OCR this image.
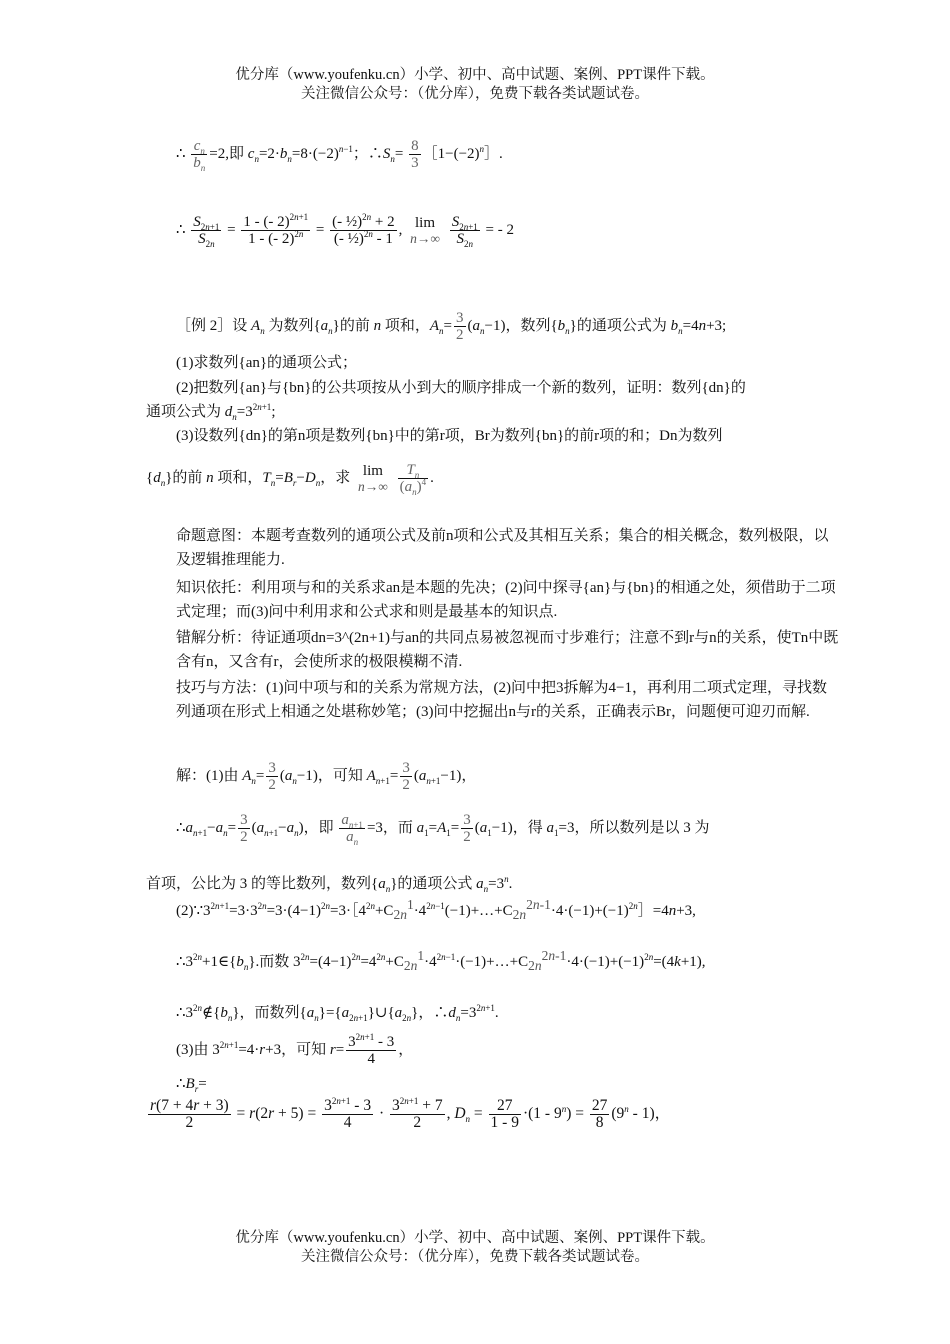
优分库（www.youfenku.cn）小学、初中、高中试题、案例、PPT课件下载。
关注微信公众号：（优分库），免费下载各类试题试卷。
∴ $\frac{c_n}{b_n} =2$,即 $c_n=2\cdot b_n=8\cdot(-2)^{n-1}$；$\therefore S_n= \frac{8}{3}$ $[1-(-2)^n]$.
∴ $\frac{S_{2n+1}}{S_{2n}} = \frac{1 - (- 2)^{2n+1}}{1 - (- 2)^{2n}} = \frac{(- \frac{1}{2})^{2n} + 2}{(- \frac{1}{2})^{2n} - 1}$ , lim
n→∞
$\frac{S_{2n+1}}{S_{2n}}$ = - 2
［例 2］设 $A_n$ 为数列$\{a_n\}$的前 n 项和，$A_n= \frac{3}{2} (a_n-1)$，数列$\{b_n\}$的通项公式为 $b_n=4n+3$;
(1)求数列{an}的通项公式；
(2)把数列{an}与{bn}的公共项按从小到大的顺序排成一个新的数列，证明：数列{dn}的
通项公式为 $d_n=3^{2n+1}$;
(3)设数列{dn}的第n项是数列{bn}中的第r项，Br为数列{bn}的前r项的和；Dn为数列
$\{d_n\}$的前 n 项和，$T_n=B_r-D_n$，求 lim
n→∞
$\frac{T_n}{(a_n)^4}$ .
命题意图：本题考查数列的通项公式及前n项和公式及其相互关系；集合的相关概念，数列极限，以及逻辑推理能力.
知识依托：利用项与和的关系求an是本题的先决；(2)问中探寻{an}与{bn}的相通之处，须借助于二项式定理；而(3)问中利用求和公式求和则是最基本的知识点.
错解分析：待证通项dn=3^(2n+1)与an的共同点易被忽视而寸步难行；注意不到r与n的关系，使Tn中既含有n，又含有r，会使所求的极限模糊不清.
技巧与方法：(1)问中项与和的关系为常规方法，(2)问中把3拆解为4−1，再利用二项式定理，寻找数列通项在形式上相通之处堪称妙笔；(3)问中挖掘出n与r的关系，正确表示Br，问题便可迎刃而解.
解：(1)由 $A_n= \frac{3}{2} (a_n-1)$，可知 $A_{n+1}= \frac{3}{2} (a_{n+1}-1)$，
$\therefore a_{n+1}-a_n= \frac{3}{2} (a_{n+1}-a_n)$，即 $\frac{a_{n+1}}{a_n} =3$，而 $a_1=A_1= \frac{3}{2} (a_1-1)$，得 $a_1=3$，所以数列是以 3 为
首项，公比为 3 的等比数列，数列$\{a_n\}$的通项公式 $a_n=3^n$.
$(2)\because 3^{2n+1}=3\cdot 3^{2n}=3\cdot(4-1)^{2n}=3\cdot[4^{2n}+C_{2n}^1\cdot 4^{2n-1}(-1)+\dots+C_{2n}^{2n-1}\cdot 4\cdot(-1)+(-1)^{2n}]=4n+3$,
$\therefore 3^{2n}+1\in\{b_n\}$.而数 $3^{2n}=(4-1)^{2n}=4^{2n}+C_{2n}^1\cdot 4^{2n-1}\cdot(-1)+\dots+C_{2n}^{2n-1}\cdot 4\cdot(-1)+(-1)^{2n}=(4k+1)$,
$\therefore 3^{2n}\notin\{b_n\}$，而数列$\{a_n\}=\{a_{2n+1}\}\cup\{a_{2n}\}$，$\therefore d_n=3^{2n+1}$.
(3)由 $3^{2n+1}=4\cdot r+3$，可知 $r= \frac{3^{2n+1} - 3}{4}$ ，
$\therefore B_r=$
$\frac{r(7 + 4r + 3)}{2} = r(2r + 5) = \frac{3^{2n+1} - 3}{4} \cdot \frac{3^{2n+1} + 7}{2}$ , $D_n = \frac{27}{1 - 9} \cdot(1 - 9^n) = \frac{27}{8} (9^n - 1)$，
优分库（www.youfenku.cn）小学、初中、高中试题、案例、PPT课件下载。
关注微信公众号：（优分库），免费下载各类试题试卷。
